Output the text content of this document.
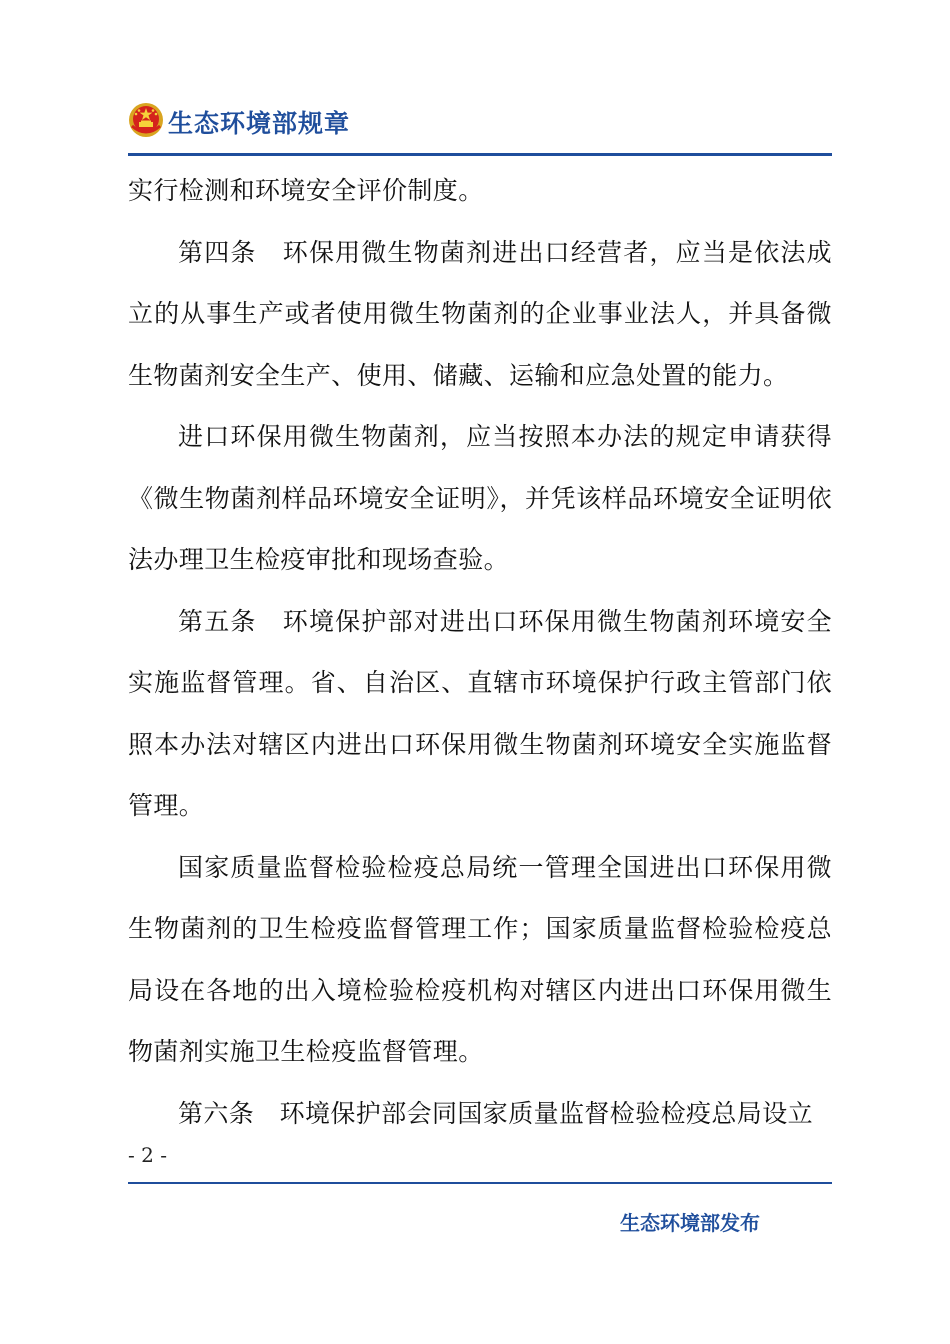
生态环境部规章

实行检测和环境安全评价制度。

第四条　环保用微生物菌剂进出口经营者，应当是依法成立的从事生产或者使用微生物菌剂的企业事业法人，并具备微生物菌剂安全生产、使用、储藏、运输和应急处置的能力。

进口环保用微生物菌剂，应当按照本办法的规定申请获得《微生物菌剂样品环境安全证明》，并凭该样品环境安全证明依法办理卫生检疫审批和现场查验。

第五条　环境保护部对进出口环保用微生物菌剂环境安全实施监督管理。省、自治区、直辖市环境保护行政主管部门依照本办法对辖区内进出口环保用微生物菌剂环境安全实施监督管理。

国家质量监督检验检疫总局统一管理全国进出口环保用微生物菌剂的卫生检疫监督管理工作；国家质量监督检验检疫总局设在各地的出入境检验检疫机构对辖区内进出口环保用微生物菌剂实施卫生检疫监督管理。

第六条　环境保护部会同国家质量监督检验检疫总局设立

- 2 -
生态环境部发布
